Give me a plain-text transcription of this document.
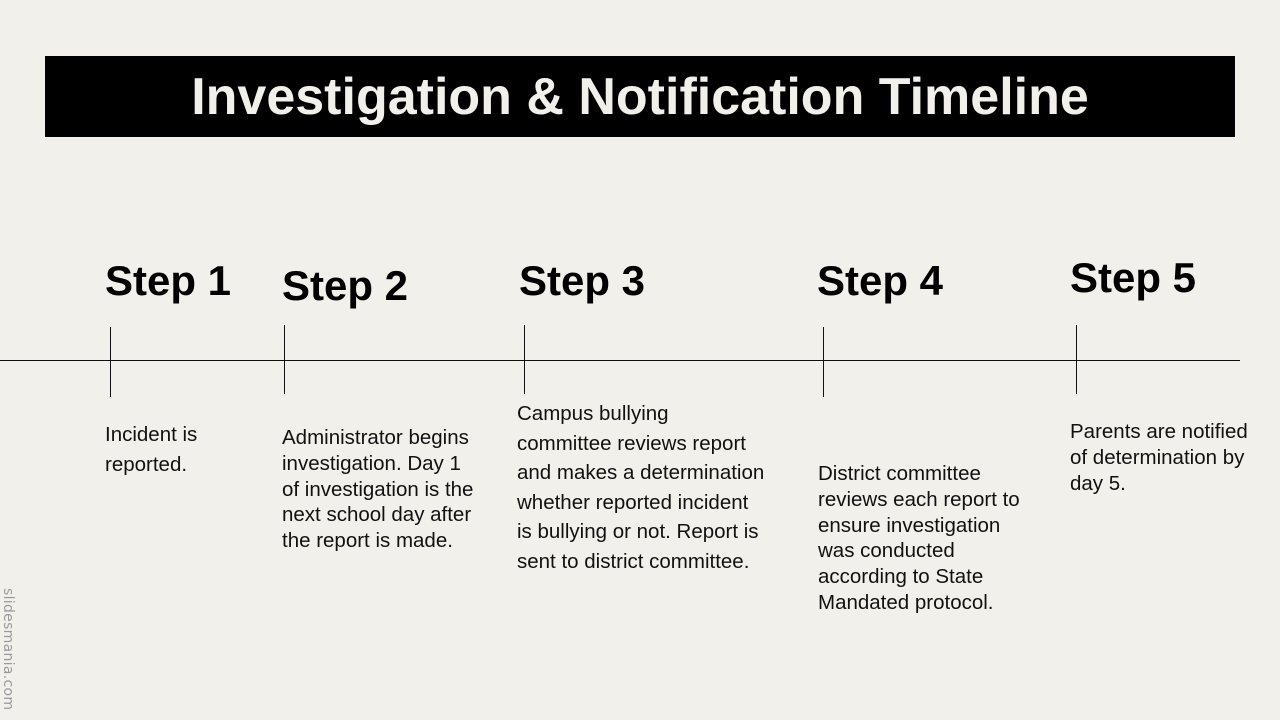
Investigation & Notification Timeline
Step 1 Step 2	Step 3	Step 4	Step 5
Incident is reported.
Administrator begins investigation. Day 1 of investigation is the next school day after the report is made.
Campus bullying committee reviews report and makes a determination whether reported incident is bullying or not. Report is sent to district committee.
District committee reviews each report to ensure investigation was conducted according to State Mandated protocol.
Parents are notified of determination by day 5.
slidesmania.com
